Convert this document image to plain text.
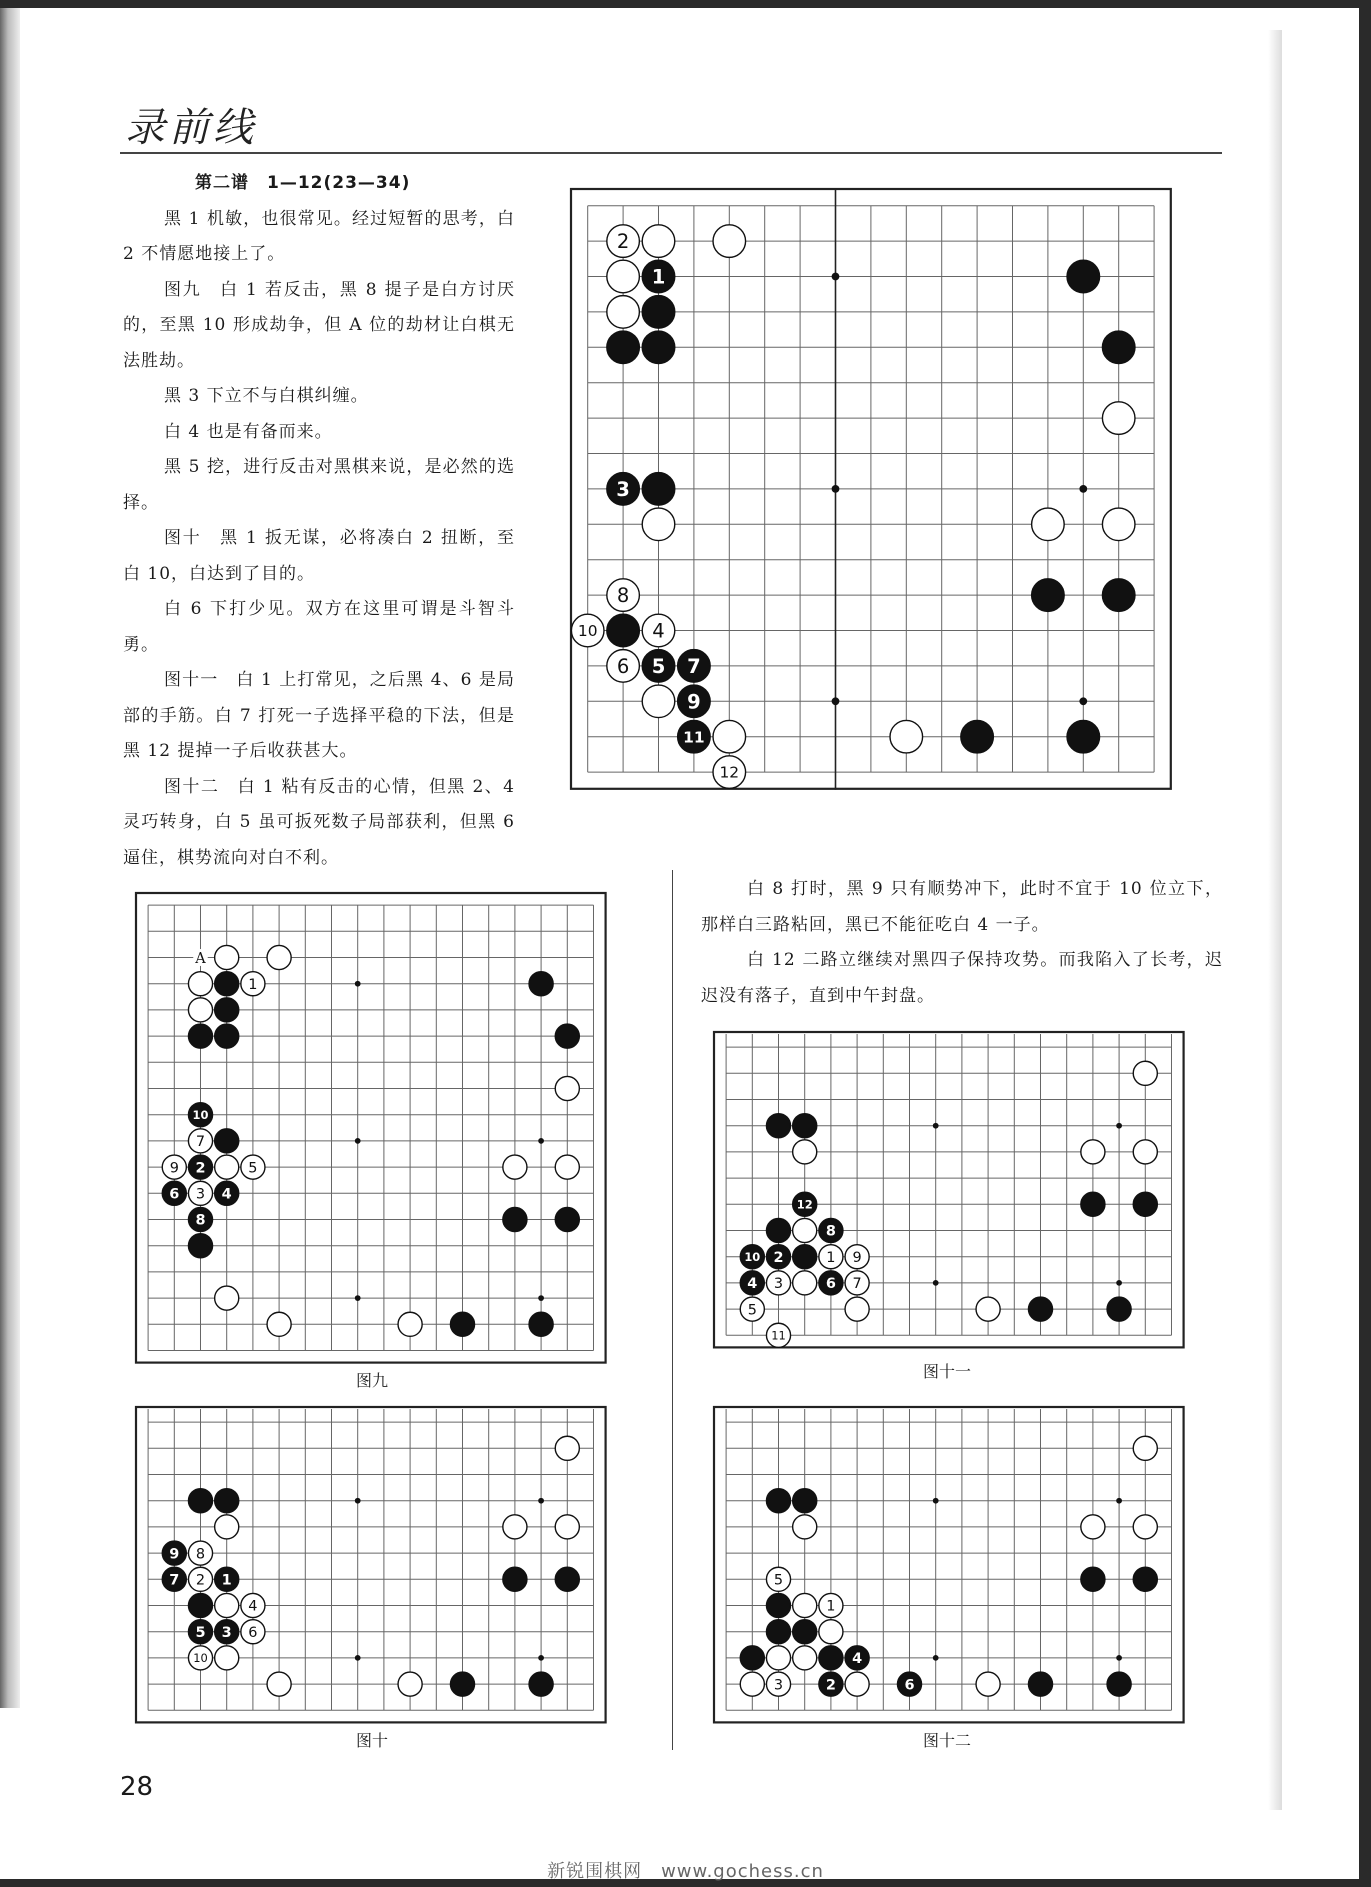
录前线

第二谱　1—12(23—34)

黑 1 机敏，也很常见。经过短暂的思考，白 2 不情愿地接上了。

图九　白 1 若反击，黑 8 提子是白方讨厌的，至黑 10 形成劫争，但 A 位的劫材让白棋无法胜劫。

黑 3 下立不与白棋纠缠。

白 4 也是有备而来。

黑 5 挖，进行反击对黑棋来说，是必然的选择。

图十　黑 1 扳无谋，必将凑白 2 扭断，至白 10，白达到了目的。

白 6 下打少见。双方在这里可谓是斗智斗勇。

图十一　白 1 上打常见，之后黑 4、6 是局部的手筋。白 7 打死一子选择平稳的下法，但是黑 12 提掉一子后收获甚大。

图十二　白 1 粘有反击的心情，但黑 2、4 灵巧转身，白 5 虽可扳死数子局部获利，但黑 6 逼住，棋势流向对白不利。

白 8 打时，黑 9 只有顺势冲下，此时不宜于 10 位立下，那样白三路粘回，黑已不能征吃白 4 一子。

白 12 二路立继续对黑四子保持攻势。而我陷入了长考，迟迟没有落子，直到中午封盘。

2
1
3
8
10	4
6 5 7
9
11
12
1
10
7
9 2	5
6 3 4
8
A
图九
12
8
10 2	1 9
4 3	6 7
5
11
图十一
9 8
7 2 1
4
5 3 6
10
图十
5
1
4
3	2	6
图十二
28
新锐围棋网　www.gochess.cn
